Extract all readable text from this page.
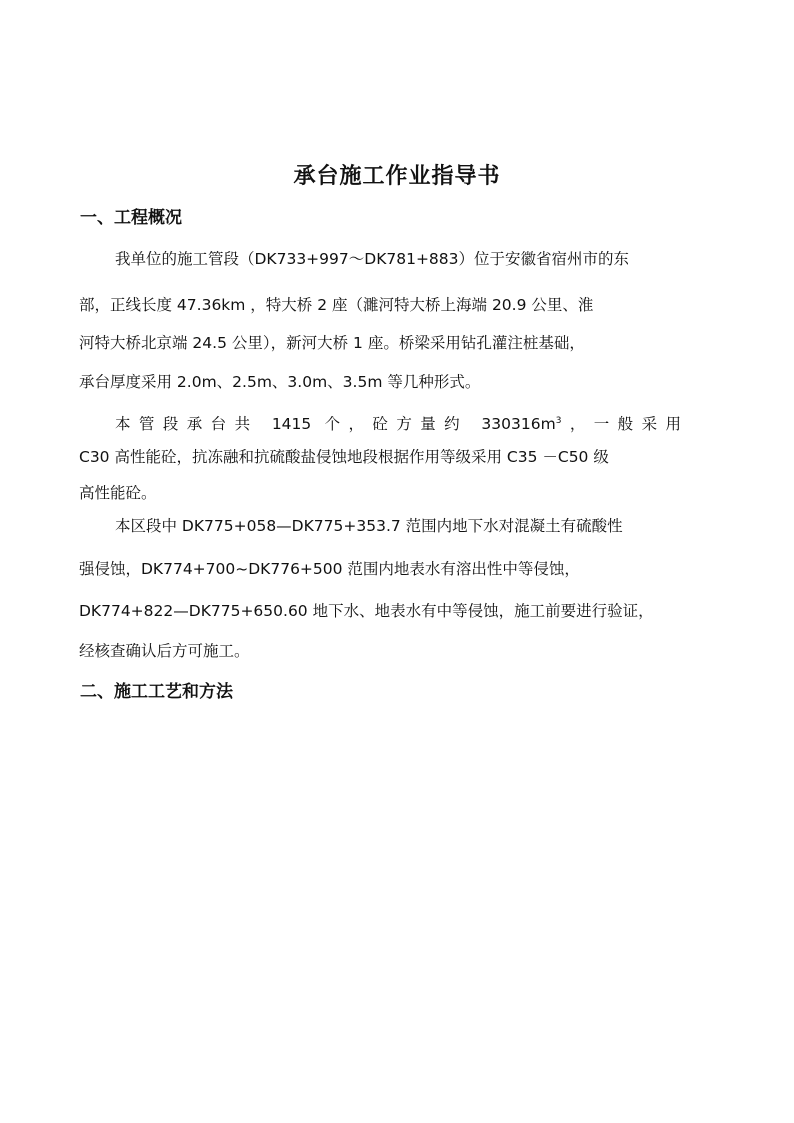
承台施工作业指导书
一、工程概况
我单位的施工管段（DK733+997～DK781+883）位于安徽省宿州市的东
部，正线长度 47.36km ，特大桥 2 座（濉河特大桥上海端 20.9 公里、淮
河特大桥北京端 24.5 公里），新河大桥 1 座。桥梁采用钻孔灌注桩基础，
承台厚度采用 2.0m、2.5m、3.0m、3.5m 等几种形式。
本管段承台共 1415 个，砼方量约 $330316m^3$，一般采用
C30 高性能砼，抗冻融和抗硫酸盐侵蚀地段根据作用等级采用 C35 －C50 级
高性能砼。
本区段中 DK775+058—DK775+353.7 范围内地下水对混凝土有硫酸性
强侵蚀，DK774+700~DK776+500 范围内地表水有溶出性中等侵蚀，
DK774+822—DK775+650.60 地下水、地表水有中等侵蚀，施工前要进行验证，
经核查确认后方可施工。
二、施工工艺和方法
